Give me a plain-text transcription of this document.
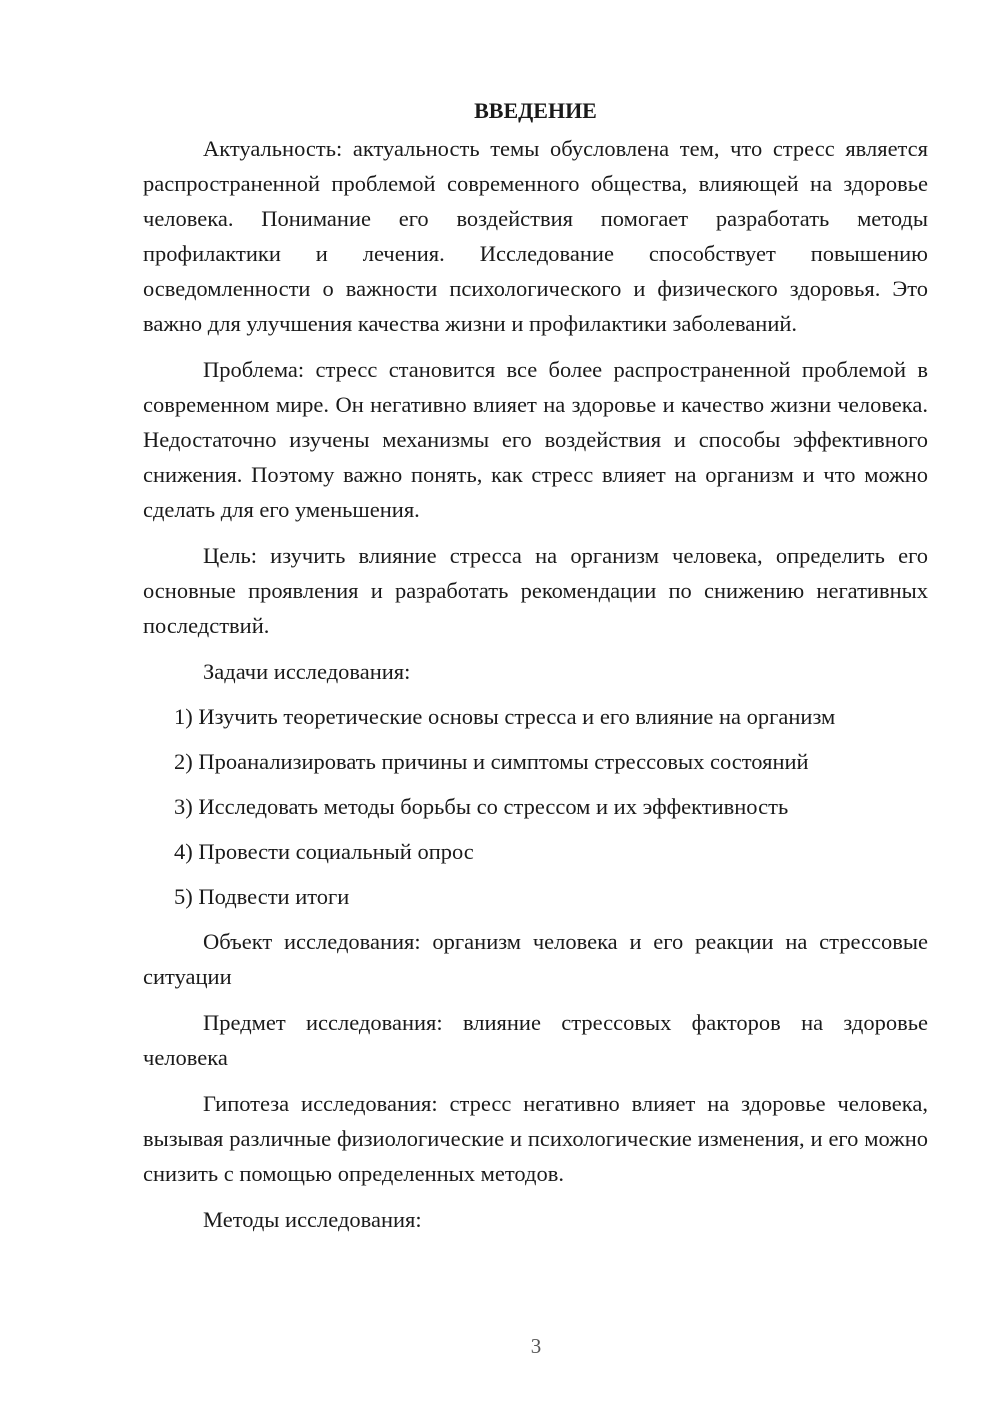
ВВЕДЕНИЕ

Актуальность: актуальность темы обусловлена тем, что стресс является распространенной проблемой современного общества, влияющей на здоровье человека. Понимание его воздействия помогает разработать методы профилактики и лечения. Исследование способствует повышению осведомленности о важности психологического и физического здоровья. Это важно для улучшения качества жизни и профилактики заболеваний.

Проблема: стресс становится все более распространенной проблемой в современном мире. Он негативно влияет на здоровье и качество жизни человека. Недостаточно изучены механизмы его воздействия и способы эффективного снижения. Поэтому важно понять, как стресс влияет на организм и что можно сделать для его уменьшения.

Цель: изучить влияние стресса на организм человека, определить его основные проявления и разработать рекомендации по снижению негативных последствий.

Задачи исследования:

1) Изучить теоретические основы стресса и его влияние на организм
2) Проанализировать причины и симптомы стрессовых состояний
3) Исследовать методы борьбы со стрессом и их эффективность
4) Провести социальный опрос
5) Подвести итоги

Объект исследования: организм человека и его реакции на стрессовые ситуации

Предмет исследования: влияние стрессовых факторов на здоровье человека

Гипотеза исследования: стресс негативно влияет на здоровье человека, вызывая различные физиологические и психологические изменения, и его можно снизить с помощью определенных методов.

Методы исследования:

3
